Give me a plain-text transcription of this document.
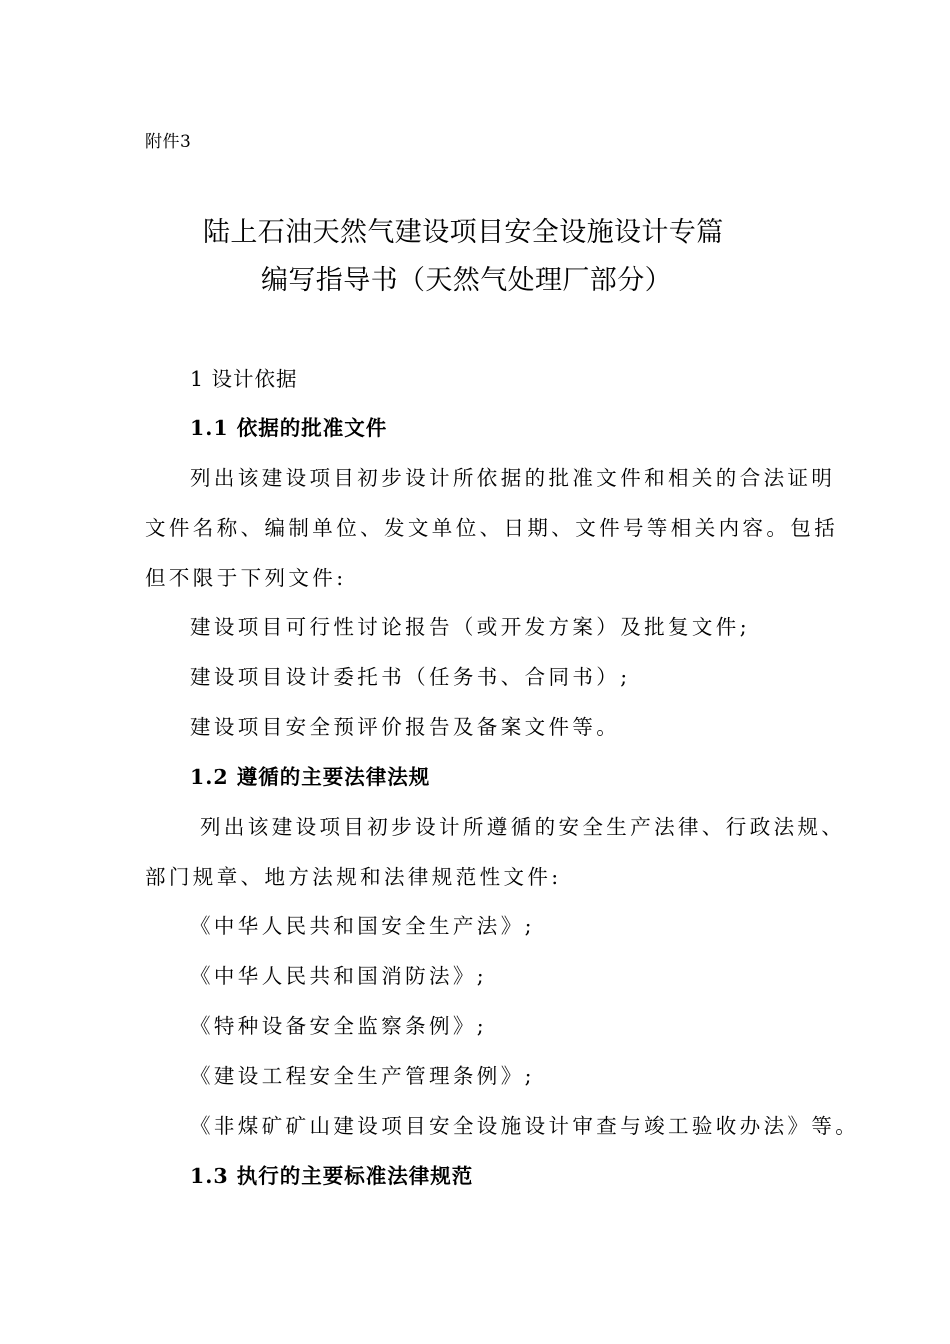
附件3

陆上石油天然气建设项目安全设施设计专篇

编写指导书（天然气处理厂部分）

1 设计依据

1.1 依据的批准文件

列出该建设项目初步设计所依据的批准文件和相关的合法证明

文件名称、编制单位、发文单位、日期、文件号等相关内容。包括

但不限于下列文件:

建设项目可行性讨论报告（或开发方案）及批复文件;

建设项目设计委托书（任务书、合同书）;

建设项目安全预评价报告及备案文件等。

1.2 遵循的主要法律法规

列出该建设项目初步设计所遵循的安全生产法律、行政法规、

部门规章、地方法规和法律规范性文件:

《中华人民共和国安全生产法》;

《中华人民共和国消防法》;

《特种设备安全监察条例》;

《建设工程安全生产管理条例》;

《非煤矿矿山建设项目安全设施设计审查与竣工验收办法》等。

1.3 执行的主要标准法律规范
